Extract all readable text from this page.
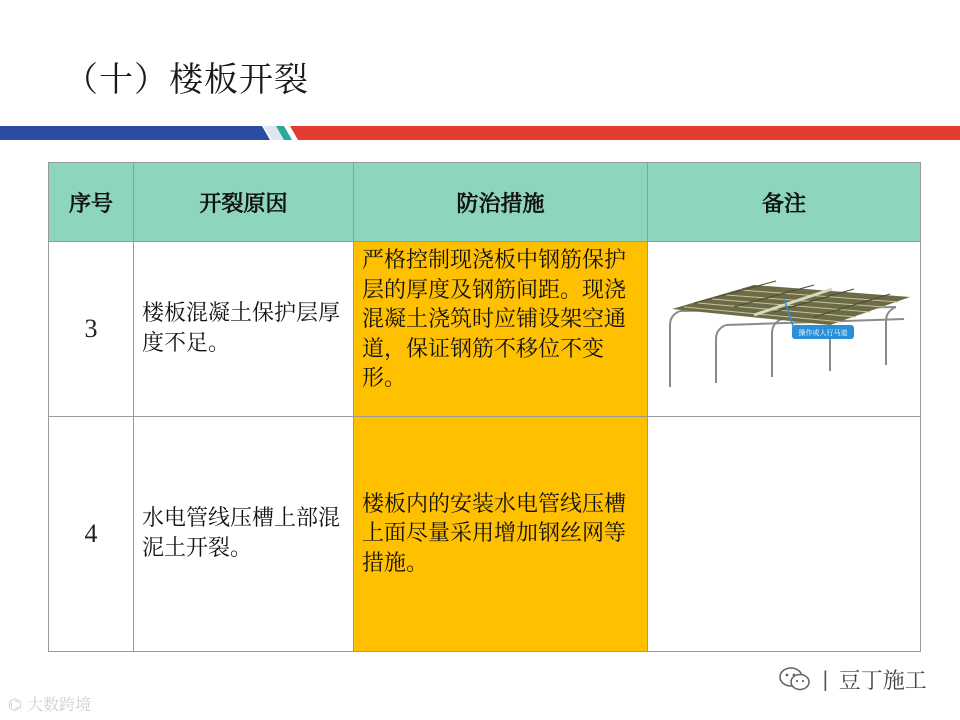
（十）楼板开裂
序号	开裂原因	防治措施	备注
3	楼板混凝土保护层厚度不足。	严格控制现浇板中钢筋保护层的厚度及钢筋间距。现浇混凝土浇筑时应铺设架空通道，保证钢筋不移位不变形。	操作或人行马道

4	水电管线压槽上部混泥土开裂。	楼板内的安装水电管线压槽上面尽量采用增加钢丝网等措施。	
⌬ 大数跨境
| 豆丁施工
